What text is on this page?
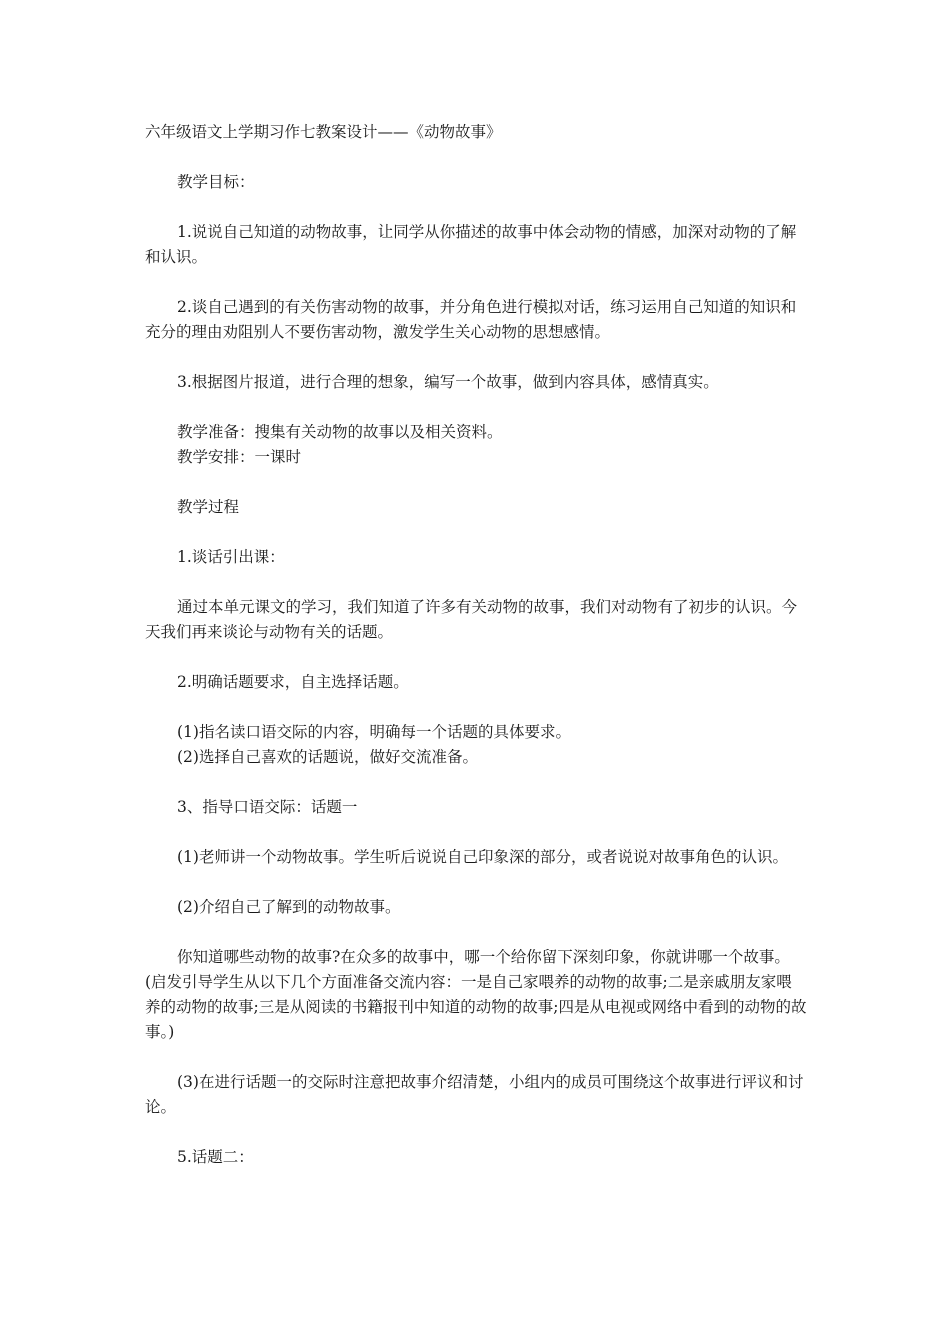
六年级语文上学期习作七教案设计——《动物故事》

教学目标：

1.说说自己知道的动物故事，让同学从你描述的故事中体会动物的情感，加深对动物的了解和认识。

2.谈自己遇到的有关伤害动物的故事，并分角色进行模拟对话，练习运用自己知道的知识和充分的理由劝阻别人不要伤害动物，激发学生关心动物的思想感情。

3.根据图片报道，进行合理的想象，编写一个故事，做到内容具体，感情真实。

教学准备：搜集有关动物的故事以及相关资料。

教学安排：一课时

教学过程

1.谈话引出课：

通过本单元课文的学习，我们知道了许多有关动物的故事，我们对动物有了初步的认识。今天我们再来谈论与动物有关的话题。

2.明确话题要求，自主选择话题。

(1)指名读口语交际的内容，明确每一个话题的具体要求。

(2)选择自己喜欢的话题说，做好交流准备。

3、指导口语交际：话题一

(1)老师讲一个动物故事。学生听后说说自己印象深的部分，或者说说对故事角色的认识。

(2)介绍自己了解到的动物故事。

你知道哪些动物的故事?在众多的故事中，哪一个给你留下深刻印象，你就讲哪一个故事。(启发引导学生从以下几个方面准备交流内容：一是自己家喂养的动物的故事;二是亲戚朋友家喂养的动物的故事;三是从阅读的书籍报刊中知道的动物的故事;四是从电视或网络中看到的动物的故事。)

(3)在进行话题一的交际时注意把故事介绍清楚，小组内的成员可围绕这个故事进行评议和讨论。

5.话题二：
